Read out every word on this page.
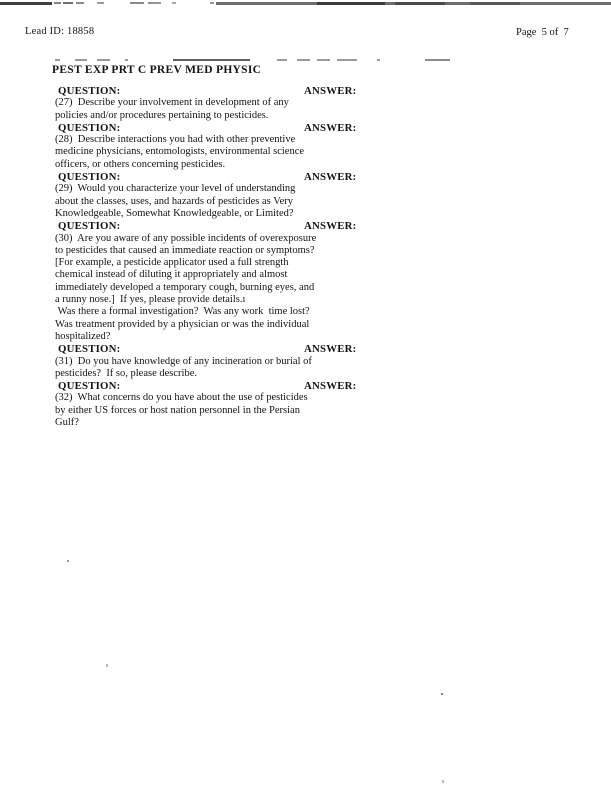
Lead ID: 18858	Page  5 of  7
PEST EXP PRT C PREV MED PHYSIC
QUESTION:
(27)  Describe your involvement in development of any policies and/or procedures pertaining to pesticides.
ANSWER:
QUESTION:
(28)  Describe interactions you had with other preventive medicine physicians, entomologists, environmental science officers, or others concerning pesticides.
ANSWER:
QUESTION:
(29)  Would you characterize your level of understanding about the classes, uses, and hazards of pesticides as Very Knowledgeable, Somewhat Knowledgeable, or Limited?
ANSWER:
QUESTION:
(30)  Are you aware of any possible incidents of overexposure to pesticides that caused an immediate reaction or symptoms?  [For example, a pesticide applicator used a full strength chemical instead of diluting it appropriately and almost immediately developed a temporary cough, burning eyes, and a runny nose.]  If yes, please provide details.ı
Was there a formal investigation?  Was any work  time lost?  Was treatment provided by a physician or was the individual hospitalized?
ANSWER:
QUESTION:
(31)  Do you have knowledge of any incineration or burial of pesticides?  If so, please describe.
ANSWER:
QUESTION:
(32)  What concerns do you have about the use of pesticides by either US forces or host nation personnel in the Persian Gulf?
ANSWER:
